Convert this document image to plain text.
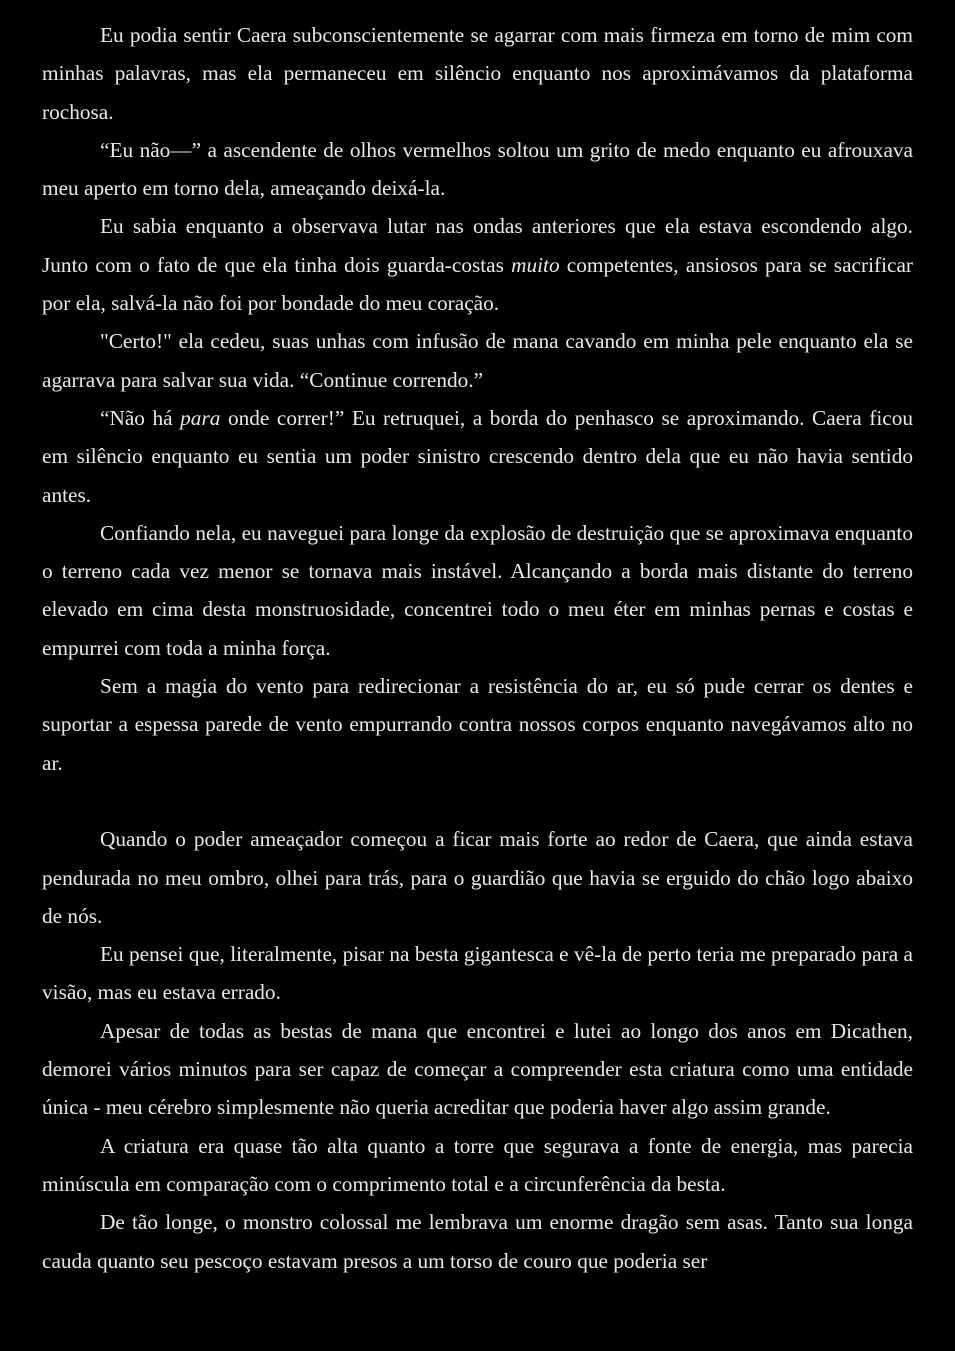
Eu podia sentir Caera subconscientemente se agarrar com mais firmeza em torno de mim com minhas palavras, mas ela permaneceu em silêncio enquanto nos aproximávamos da plataforma rochosa.

“Eu não—” a ascendente de olhos vermelhos soltou um grito de medo enquanto eu afrouxava meu aperto em torno dela, ameaçando deixá-la.

Eu sabia enquanto a observava lutar nas ondas anteriores que ela estava escondendo algo. Junto com o fato de que ela tinha dois guarda-costas muito competentes, ansiosos para se sacrificar por ela, salvá-la não foi por bondade do meu coração.

"Certo!" ela cedeu, suas unhas com infusão de mana cavando em minha pele enquanto ela se agarrava para salvar sua vida. “Continue correndo.”

“Não há para onde correr!” Eu retruquei, a borda do penhasco se aproximando. Caera ficou em silêncio enquanto eu sentia um poder sinistro crescendo dentro dela que eu não havia sentido antes.

Confiando nela, eu naveguei para longe da explosão de destruição que se aproximava enquanto o terreno cada vez menor se tornava mais instável. Alcançando a borda mais distante do terreno elevado em cima desta monstruosidade, concentrei todo o meu éter em minhas pernas e costas e empurrei com toda a minha força.

Sem a magia do vento para redirecionar a resistência do ar, eu só pude cerrar os dentes e suportar a espessa parede de vento empurrando contra nossos corpos enquanto navegávamos alto no ar.

Quando o poder ameaçador começou a ficar mais forte ao redor de Caera, que ainda estava pendurada no meu ombro, olhei para trás, para o guardião que havia se erguido do chão logo abaixo de nós.

Eu pensei que, literalmente, pisar na besta gigantesca e vê-la de perto teria me preparado para a visão, mas eu estava errado.

Apesar de todas as bestas de mana que encontrei e lutei ao longo dos anos em Dicathen, demorei vários minutos para ser capaz de começar a compreender esta criatura como uma entidade única - meu cérebro simplesmente não queria acreditar que poderia haver algo assim grande.

A criatura era quase tão alta quanto a torre que segurava a fonte de energia, mas parecia minúscula em comparação com o comprimento total e a circunferência da besta.

De tão longe, o monstro colossal me lembrava um enorme dragão sem asas. Tanto sua longa cauda quanto seu pescoço estavam presos a um torso de couro que poderia ser
